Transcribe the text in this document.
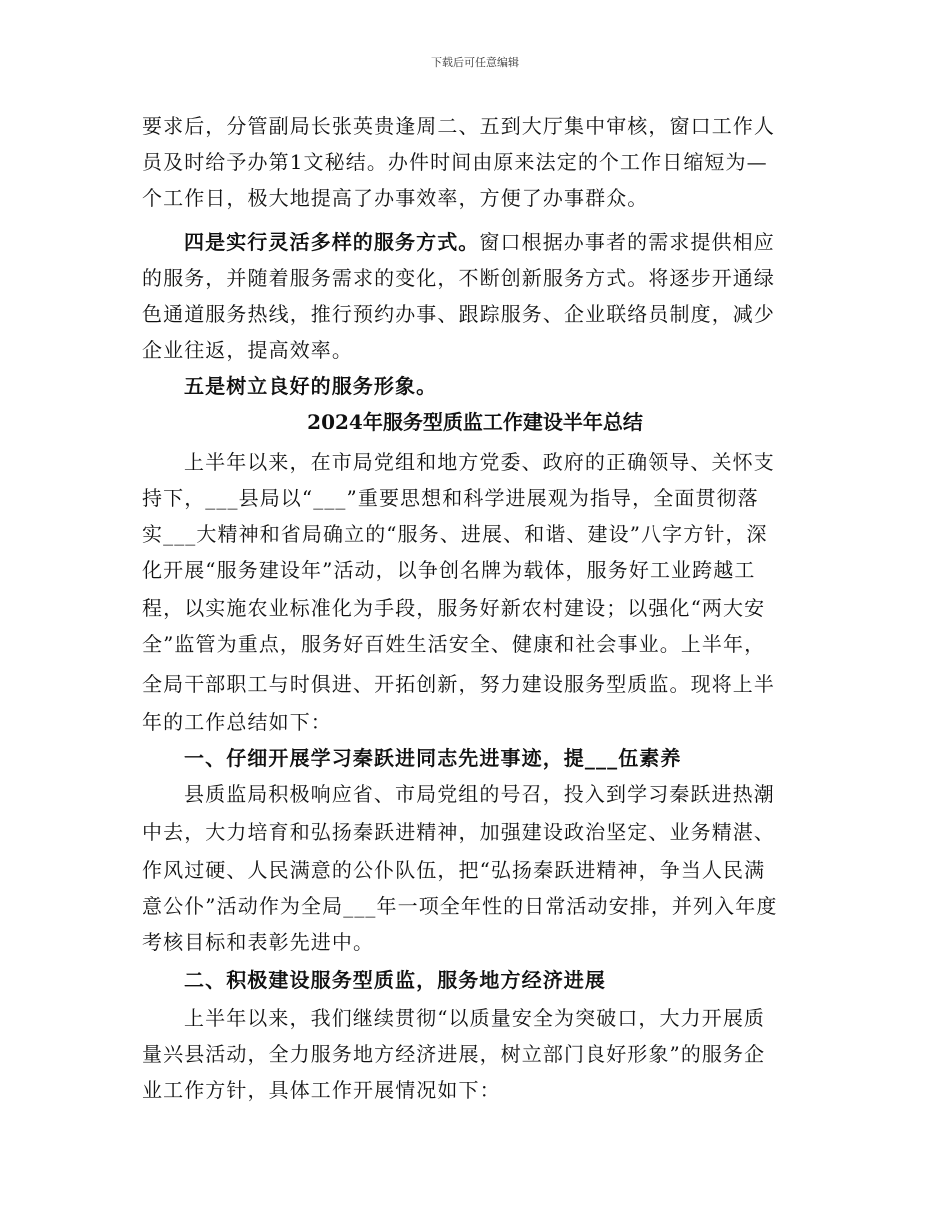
下载后可任意编辑
要求后，分管副局长张英贵逢周二、五到大厅集中审核，窗口工作人
员及时给予办第1文秘结。办件时间由原来法定的个工作日缩短为—
个工作日，极大地提高了办事效率，方便了办事群众。
四是实行灵活多样的服务方式。窗口根据办事者的需求提供相应
的服务，并随着服务需求的变化，不断创新服务方式。将逐步开通绿
色通道服务热线，推行预约办事、跟踪服务、企业联络员制度，减少
企业往返，提高效率。
五是树立良好的服务形象。
2024年服务型质监工作建设半年总结
上半年以来，在市局党组和地方党委、政府的正确领导、关怀支
持下，___县局以“___”重要思想和科学进展观为指导，全面贯彻落
实___大精神和省局确立的“服务、进展、和谐、建设”八字方针，深
化开展“服务建设年”活动，以争创名牌为载体，服务好工业跨越工
程，以实施农业标准化为手段，服务好新农村建设；以强化“两大安
全”监管为重点，服务好百姓生活安全、健康和社会事业。上半年，
全局干部职工与时俱进、开拓创新，努力建设服务型质监。现将上半
年的工作总结如下：
一、仔细开展学习秦跃进同志先进事迹，提___伍素养
县质监局积极响应省、市局党组的号召，投入到学习秦跃进热潮
中去，大力培育和弘扬秦跃进精神，加强建设政治坚定、业务精湛、
作风过硬、人民满意的公仆队伍，把“弘扬秦跃进精神，争当人民满
意公仆”活动作为全局___年一项全年性的日常活动安排，并列入年度
考核目标和表彰先进中。
二、积极建设服务型质监，服务地方经济进展
上半年以来，我们继续贯彻“以质量安全为突破口，大力开展质
量兴县活动，全力服务地方经济进展，树立部门良好形象”的服务企
业工作方针，具体工作开展情况如下：
